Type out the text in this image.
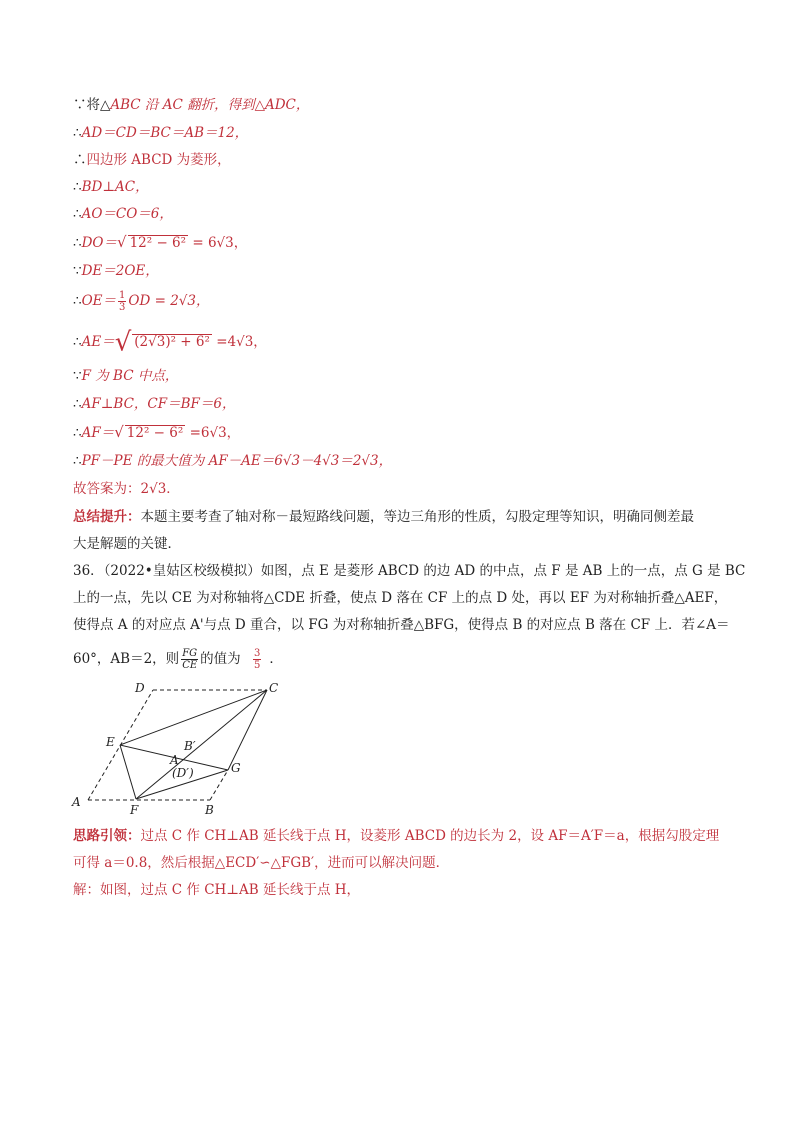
∵将△ABC 沿 AC 翻折，得到△ADC，
∴AD＝CD＝BC＝AB＝12，
∴四边形 ABCD 为菱形，
∴BD⊥AC，
∴AO＝CO＝6，
∴DO＝√ 12² − 6² = 6√3，
∵DE＝2OE，
∴OE＝ $\frac{1}{3}$ OD = 2√3，
∴AE＝√ (2√3)² + 6² =4√3，
∵F 为 BC 中点，
∴AF⊥BC，CF＝BF＝6，
∴AF＝√ 12² − 6² =6√3，
∴PF－PE 的最大值为 AF－AE＝6√3－4√3＝2√3，
故答案为：2√3．
总结提升：本题主要考查了轴对称－最短路线问题，等边三角形的性质，勾股定理等知识，明确同侧差最
大是解题的关键．
36．（2022•皇姑区校级模拟）如图，点 E 是菱形 ABCD 的边 AD 的中点，点 F 是 AB 上的一点，点 G 是 BC
上的一点，先以 CE 为对称轴将△CDE 折叠，使点 D 落在 CF 上的点 D 处，再以 EF 为对称轴折叠△AEF，
使得点 A 的对应点 A'与点 D 重合，以 FG 为对称轴折叠△BFG，使得点 B 的对应点 B 落在 CF 上．若∠A＝
60°，AB＝2，则 $\frac{FG}{CE}$ 的值为 $\frac{3}{5}$ ．
D	C
E	B′
A
(D′)	G
A
F	B
思路引领：过点 C 作 CH⊥AB 延长线于点 H，设菱形 ABCD 的边长为 2，设 AF＝A′F＝a，根据勾股定理
可得 a＝0.8，然后根据△ECD′∽△FGB′，进而可以解决问题．
解：如图，过点 C 作 CH⊥AB 延长线于点 H，
